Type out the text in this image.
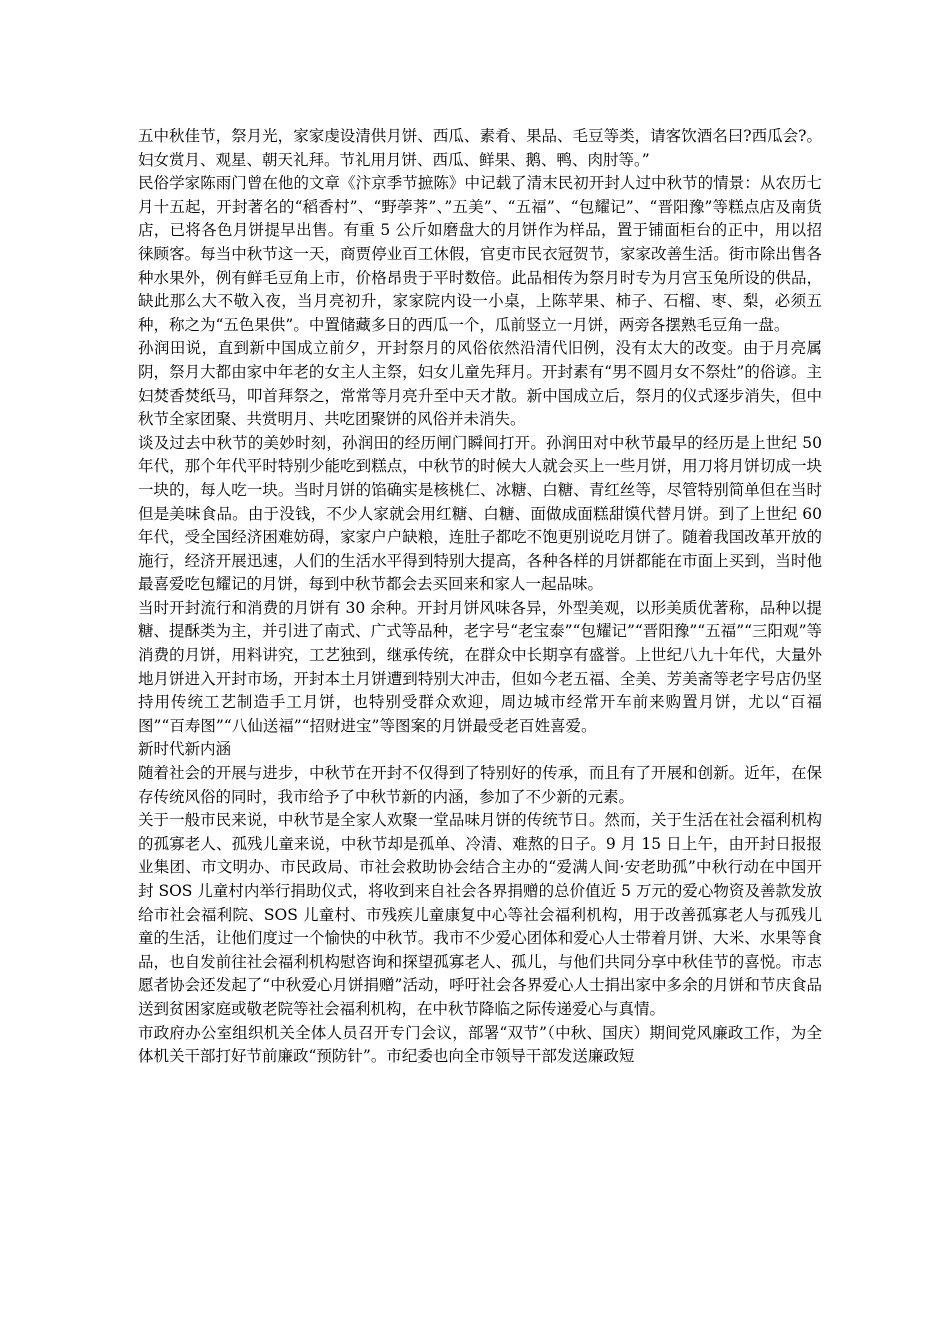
五中秋佳节，祭月光，家家虔设清供月饼、西瓜、素肴、果品、毛豆等类，请客饮酒名曰?西瓜会?。妇女赏月、观星、朝天礼拜。节礼用月饼、西瓜、鲜果、鹅、鸭、肉肘等。”

民俗学家陈雨门曾在他的文章《汴京季节摭陈》中记载了清末民初开封人过中秋节的情景：从农历七月十五起，开封著名的“稻香村”、“野荸荠”、”五美”、“五福”、“包耀记”、“晋阳豫”等糕点店及南货店，已将各色月饼提早出售。有重 5 公斤如磨盘大的月饼作为样品，置于铺面柜台的正中，用以招徕顾客。每当中秋节这一天，商贾停业百工休假，官吏市民衣冠贺节，家家改善生活。街市除出售各种水果外，例有鲜毛豆角上市，价格昂贵于平时数倍。此品相传为祭月时专为月宫玉兔所设的供品，缺此那么大不敬入夜，当月亮初升，家家院内设一小桌，上陈苹果、柿子、石榴、枣、梨，必须五种，称之为“五色果供”。中置储藏多日的西瓜一个，瓜前竖立一月饼，两旁各摆熟毛豆角一盘。

孙润田说，直到新中国成立前夕，开封祭月的风俗依然沿清代旧例，没有太大的改变。由于月亮属阴，祭月大都由家中年老的女主人主祭，妇女儿童先拜月。开封素有“男不圆月女不祭灶”的俗谚。主妇焚香焚纸马，叩首拜祭之，常常等月亮升至中天才散。新中国成立后，祭月的仪式逐步消失，但中秋节全家团聚、共赏明月、共吃团聚饼的风俗并未消失。

谈及过去中秋节的美妙时刻，孙润田的经历闸门瞬间打开。孙润田对中秋节最早的经历是上世纪 50 年代，那个年代平时特别少能吃到糕点，中秋节的时候大人就会买上一些月饼，用刀将月饼切成一块一块的，每人吃一块。当时月饼的馅确实是核桃仁、冰糖、白糖、青红丝等，尽管特别简单但在当时但是美味食品。由于没钱，不少人家就会用红糖、白糖、面做成面糕甜馍代替月饼。到了上世纪 60 年代，受全国经济困难妨碍，家家户户缺粮，连肚子都吃不饱更别说吃月饼了。随着我国改革开放的施行，经济开展迅速，人们的生活水平得到特别大提高，各种各样的月饼都能在市面上买到，当时他最喜爱吃包耀记的月饼，每到中秋节都会去买回来和家人一起品味。

当时开封流行和消费的月饼有 30 余种。开封月饼风味各异，外型美观，以形美质优著称，品种以提糖、提酥类为主，并引进了南式、广式等品种，老字号“老宝泰”“包耀记”“晋阳豫”“五福”“三阳观”等消费的月饼，用料讲究，工艺独到，继承传统，在群众中长期享有盛誉。上世纪八九十年代，大量外地月饼进入开封市场，开封本土月饼遭到特别大冲击，但如今老五福、全美、芳美斋等老字号店仍坚持用传统工艺制造手工月饼，也特别受群众欢迎，周边城市经常开车前来购置月饼，尤以“百福图”“百寿图”“八仙送福”“招财进宝”等图案的月饼最受老百姓喜爱。

新时代新内涵

随着社会的开展与进步，中秋节在开封不仅得到了特别好的传承，而且有了开展和创新。近年，在保存传统风俗的同时，我市给予了中秋节新的内涵，参加了不少新的元素。

关于一般市民来说，中秋节是全家人欢聚一堂品味月饼的传统节日。然而，关于生活在社会福利机构的孤寡老人、孤残儿童来说，中秋节却是孤单、冷清、难熬的日子。9 月 15 日上午，由开封日报报业集团、市文明办、市民政局、市社会救助协会结合主办的“爱满人间·安老助孤”中秋行动在中国开封 SOS 儿童村内举行捐助仪式，将收到来自社会各界捐赠的总价值近 5 万元的爱心物资及善款发放给市社会福利院、SOS 儿童村、市残疾儿童康复中心等社会福利机构，用于改善孤寡老人与孤残儿童的生活，让他们度过一个愉快的中秋节。我市不少爱心团体和爱心人士带着月饼、大米、水果等食品，也自发前往社会福利机构慰咨询和探望孤寡老人、孤儿，与他们共同分享中秋佳节的喜悦。市志愿者协会还发起了“中秋爱心月饼捐赠”活动，呼吁社会各界爱心人士捐出家中多余的月饼和节庆食品送到贫困家庭或敬老院等社会福利机构，在中秋节降临之际传递爱心与真情。

市政府办公室组织机关全体人员召开专门会议，部署“双节”（中秋、国庆）期间党风廉政工作，为全体机关干部打好节前廉政“预防针”。市纪委也向全市领导干部发送廉政短
